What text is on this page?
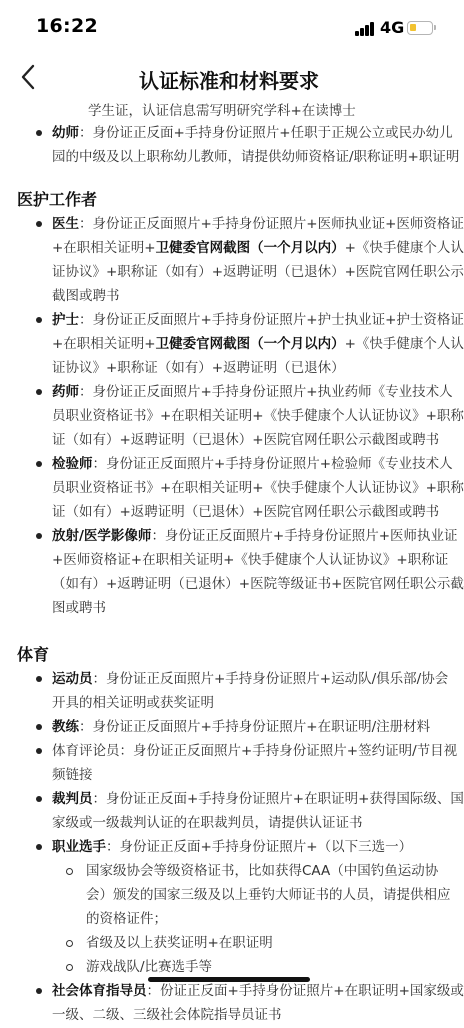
16:22	4G
认证标准和材料要求
学生证，认证信息需写明研究学科+在读博士
幼师：身份证正反面+手持身份证照片+任职于正规公立或民办幼儿
园的中级及以上职称幼儿教师，请提供幼师资格证/职称证明+职证明
医护工作者
医生：身份证正反面照片+手持身份证照片+医师执业证+医师资格证
+在职相关证明+卫健委官网截图（一个月以内）+《快手健康个人认
证协议》+职称证（如有）+返聘证明（已退休）+医院官网任职公示
截图或聘书
护士：身份证正反面照片+手持身份证照片+护士执业证+护士资格证
+在职相关证明+卫健委官网截图（一个月以内）+《快手健康个人认
证协议》+职称证（如有）+返聘证明（已退休）
药师：身份证正反面照片+手持身份证照片+执业药师《专业技术人
员职业资格证书》+在职相关证明+《快手健康个人认证协议》+职称
证（如有）+返聘证明（已退休）+医院官网任职公示截图或聘书
检验师：身份证正反面照片+手持身份证照片+检验师《专业技术人
员职业资格证书》+在职相关证明+《快手健康个人认证协议》+职称
证（如有）+返聘证明（已退休）+医院官网任职公示截图或聘书
放射/医学影像师：身份证正反面照片+手持身份证照片+医师执业证
+医师资格证+在职相关证明+《快手健康个人认证协议》+职称证
（如有）+返聘证明（已退休）+医院等级证书+医院官网任职公示截
图或聘书
体育
运动员：身份证正反面照片+手持身份证照片+运动队/俱乐部/协会
开具的相关证明或获奖证明
教练：身份证正反面照片+手持身份证照片+在职证明/注册材料
体育评论员：身份证正反面照片+手持身份证照片+签约证明/节目视
频链接
裁判员：身份证正反面+手持身份证照片+在职证明+获得国际级、国
家级或一级裁判认证的在职裁判员，请提供认证证书
职业选手：身份证正反面+手持身份证照片+（以下三选一）
国家级协会等级资格证书，比如获得CAA（中国钓鱼运动协
会）颁发的国家三级及以上垂钓大师证书的人员，请提供相应
的资格证件；
省级及以上获奖证明+在职证明
游戏战队/比赛选手等
社会体育指导员：份证正反面+手持身份证照片+在职证明+国家级或
一级、二级、三级社会体院指导员证书
